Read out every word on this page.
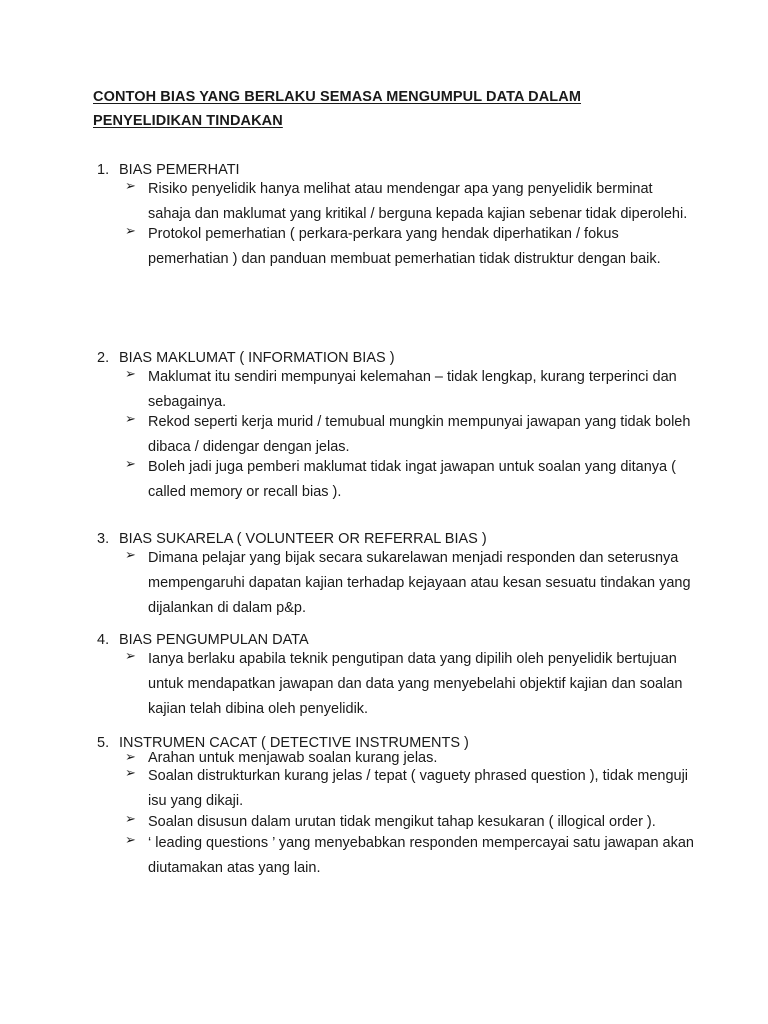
CONTOH BIAS YANG BERLAKU SEMASA MENGUMPUL DATA DALAM
PENYELIDIKAN TINDAKAN
1. BIAS PEMERHATI
➢ Risiko penyelidik hanya melihat atau mendengar apa yang penyelidik berminat sahaja dan maklumat yang kritikal / berguna kepada kajian sebenar tidak diperolehi.
➢ Protokol pemerhatian ( perkara-perkara yang hendak diperhatikan / fokus pemerhatian ) dan panduan membuat pemerhatian tidak distruktur dengan baik.
2. BIAS MAKLUMAT ( INFORMATION BIAS )
➢ Maklumat itu sendiri mempunyai kelemahan – tidak lengkap, kurang terperinci dan sebagainya.
➢ Rekod seperti kerja murid / temubual mungkin mempunyai jawapan yang tidak boleh dibaca / didengar dengan jelas.
➢ Boleh jadi juga pemberi maklumat tidak ingat jawapan untuk soalan yang ditanya ( called memory or recall bias ).
3. BIAS SUKARELA ( VOLUNTEER OR REFERRAL BIAS )
➢ Dimana pelajar yang bijak secara sukarelawan menjadi responden dan seterusnya mempengaruhi dapatan kajian terhadap kejayaan atau kesan sesuatu tindakan yang dijalankan di dalam p&p.
4. BIAS PENGUMPULAN DATA
➢ Ianya berlaku apabila teknik pengutipan data yang dipilih oleh penyelidik bertujuan untuk mendapatkan jawapan dan data yang menyebelahi objektif kajian dan soalan kajian telah dibina oleh penyelidik.
5. INSTRUMEN CACAT ( DETECTIVE INSTRUMENTS )
➢ Arahan untuk menjawab soalan kurang jelas.
➢ Soalan distrukturkan kurang jelas / tepat ( vaguety phrased question ), tidak menguji isu yang dikaji.
➢ Soalan disusun dalam urutan tidak mengikut tahap kesukaran ( illogical order ).
➢ ‘ leading questions ’ yang menyebabkan responden mempercayai satu jawapan akan diutamakan atas yang lain.
